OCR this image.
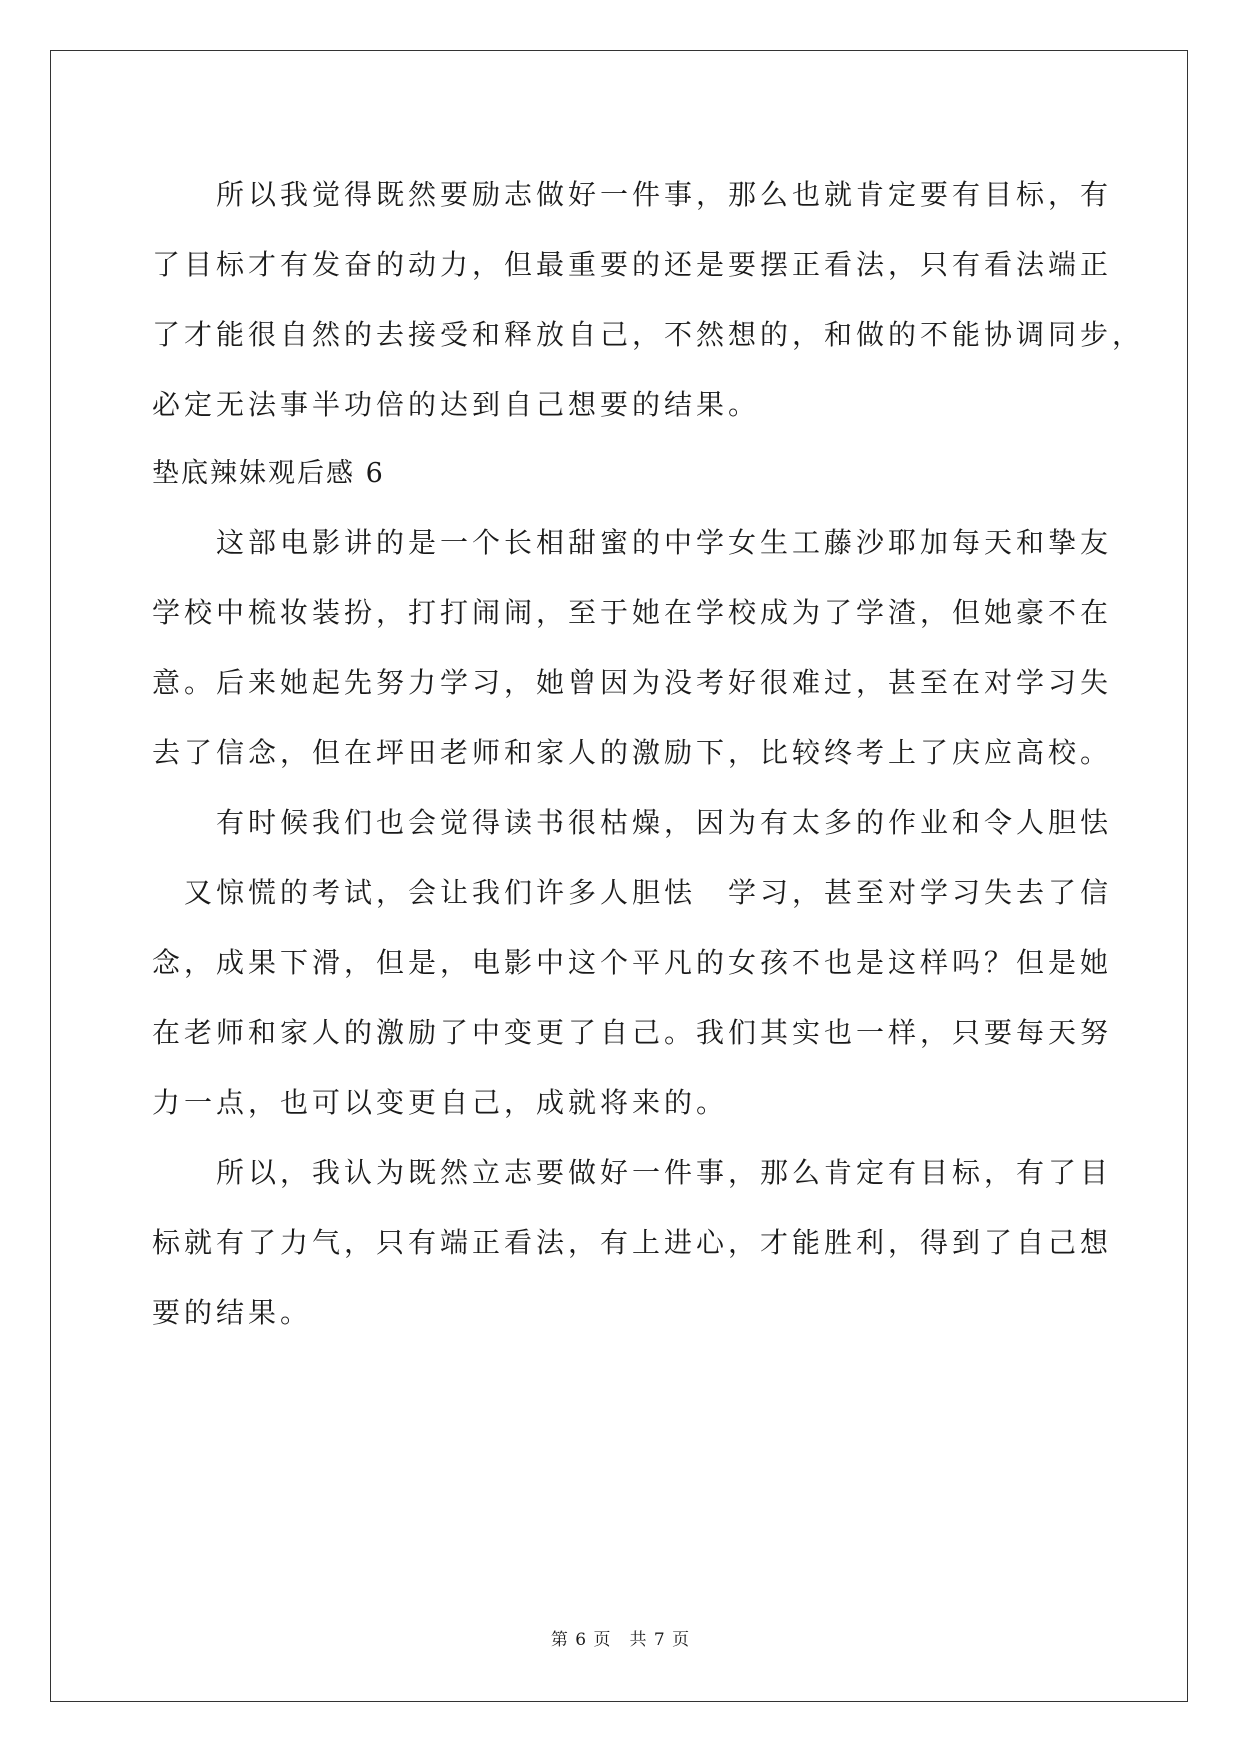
　　所以我觉得既然要励志做好一件事，那么也就肯定要有目标，有
了目标才有发奋的动力，但最重要的还是要摆正看法，只有看法端正
了才能很自然的去接受和释放自己，不然想的，和做的不能协调同步，
必定无法事半功倍的达到自己想要的结果。
垫底辣妹观后感 6
　　这部电影讲的是一个长相甜蜜的中学女生工藤沙耶加每天和挚友
学校中梳妆装扮，打打闹闹，至于她在学校成为了学渣，但她豪不在
意。后来她起先努力学习，她曾因为没考好很难过，甚至在对学习失
去了信念，但在坪田老师和家人的激励下，比较终考上了庆应高校。
　　有时候我们也会觉得读书很枯燥，因为有太多的作业和令人胆怯
　又惊慌的考试，会让我们许多人胆怯　学习，甚至对学习失去了信
念，成果下滑，但是，电影中这个平凡的女孩不也是这样吗？但是她
在老师和家人的激励了中变更了自己。我们其实也一样，只要每天努
力一点，也可以变更自己，成就将来的。
　　所以，我认为既然立志要做好一件事，那么肯定有目标，有了目
标就有了力气，只有端正看法，有上进心，才能胜利，得到了自己想
要的结果。
第 6 页　共 7 页
